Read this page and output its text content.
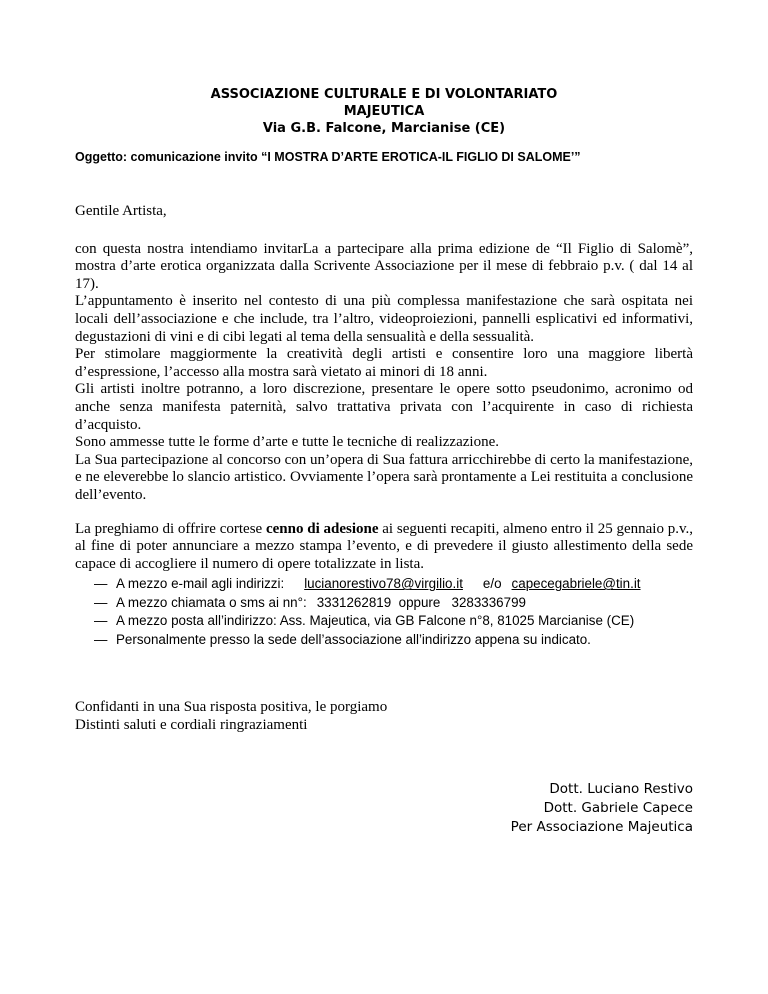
ASSOCIAZIONE CULTURALE E DI VOLONTARIATO
MAJEUTICA
Via G.B. Falcone, Marcianise (CE)
Oggetto: comunicazione invito “I MOSTRA D’ARTE EROTICA-IL FIGLIO DI SALOME’”
Gentile Artista,

con questa nostra intendiamo invitarLa a partecipare alla prima edizione de “Il Figlio di Salomè”, mostra d’arte erotica organizzata dalla Scrivente Associazione per il mese di febbraio p.v. ( dal 14 al 17).

L’appuntamento è inserito nel contesto di una più complessa manifestazione che sarà ospitata nei locali dell’associazione e che include, tra l’altro, videoproiezioni, pannelli esplicativi ed informativi, degustazioni di vini e di cibi legati al tema della sensualità e della sessualità.

Per stimolare maggiormente la creatività degli artisti e consentire loro una maggiore libertà d’espressione, l’accesso alla mostra sarà vietato ai minori di 18 anni.

Gli artisti inoltre potranno, a loro discrezione, presentare le opere sotto pseudonimo, acronimo od anche senza manifesta paternità, salvo trattativa privata con l’acquirente in caso di richiesta d’acquisto.

Sono ammesse tutte le forme d’arte e tutte le tecniche di realizzazione.

La Sua partecipazione al concorso con un’opera di Sua fattura arricchirebbe di certo la manifestazione, e ne eleverebbe lo slancio artistico. Ovviamente l’opera sarà prontamente a Lei restituita a conclusione dell’evento.

La preghiamo di offrire cortese cenno di adesione ai seguenti recapiti, almeno entro il 25 gennaio p.v., al fine di poter annunciare a mezzo stampa l’evento, e di prevedere il giusto allestimento della sede capace di accogliere il numero di opere totalizzate in lista.
— A mezzo e-mail agli indirizzi: lucianorestivo78@virgilio.it e/o capecegabriele@tin.it
— A mezzo chiamata o sms ai nn°: 3331262819 oppure 3283336799
— A mezzo posta all’indirizzo: Ass. Majeutica, via GB Falcone n°8, 81025 Marcianise (CE)
— Personalmente presso la sede dell’associazione all’indirizzo appena su indicato.
Confidanti in una Sua risposta positiva, le porgiamo
Distinti saluti e cordiali ringraziamenti
Dott. Luciano Restivo
Dott. Gabriele Capece
Per Associazione Majeutica
